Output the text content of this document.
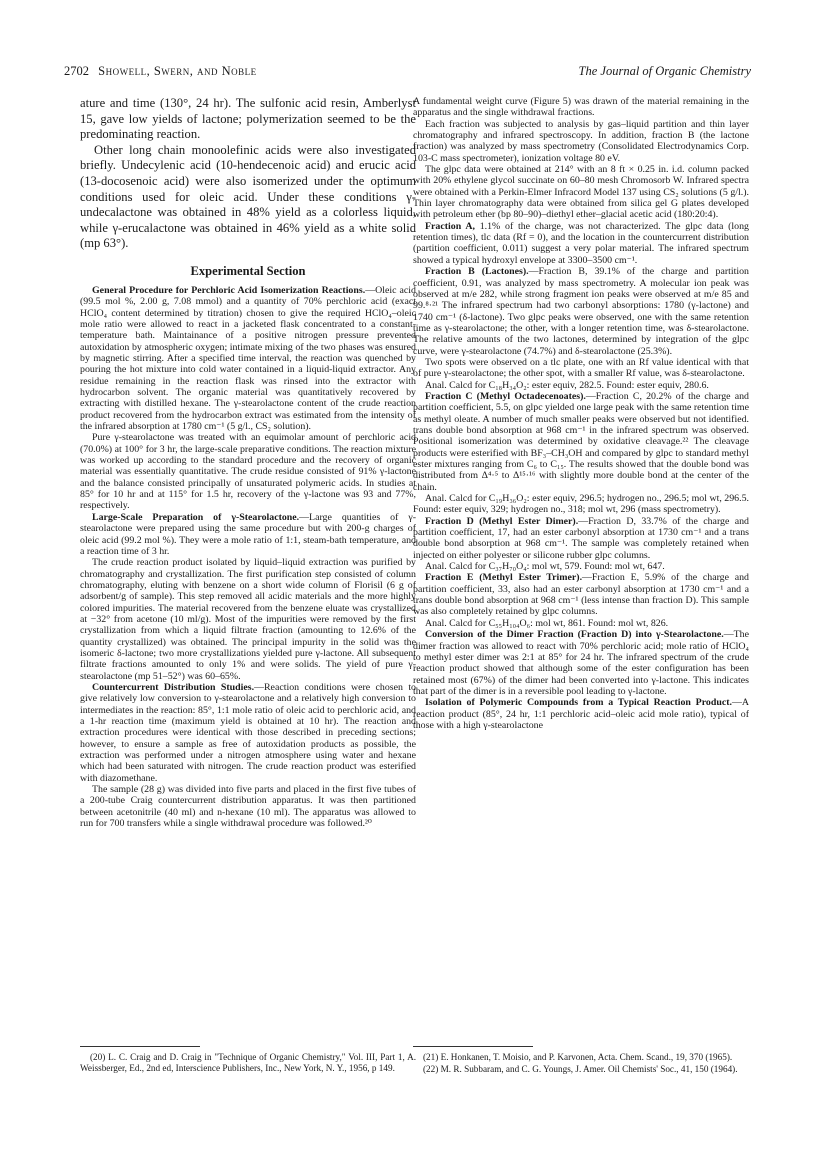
2702 Showell, Swern, and Noble	The Journal of Organic Chemistry

ature and time (130°, 24 hr). The sulfonic acid resin, Amberlyst 15, gave low yields of lactone; polymerization seemed to be the predominating reaction.

Other long chain monoolefinic acids were also investigated briefly. Undecylenic acid (10-hendecenoic acid) and erucic acid (13-docosenoic acid) were also isomerized under the optimum conditions used for oleic acid. Under these conditions γ-undecalactone was obtained in 48% yield as a colorless liquid, while γ-erucalactone was obtained in 46% yield as a white solid (mp 63°).

Experimental Section

General Procedure for Perchloric Acid Isomerization Reactions.—Oleic acid (99.5 mol %, 2.00 g, 7.08 mmol) and a quantity of 70% perchloric acid (exact HClO₄ content determined by titration) chosen to give the required HClO₄–oleic mole ratio were allowed to react in a jacketed flask concentrated to a constant-temperature bath. Maintainance of a positive nitrogen pressure prevented autoxidation by atmospheric oxygen; intimate mixing of the two phases was ensured by magnetic stirring. After a specified time interval, the reaction was quenched by pouring the hot mixture into cold water contained in a liquid-liquid extractor. Any residue remaining in the reaction flask was rinsed into the extractor with hydrocarbon solvent. The organic material was quantitatively recovered by extracting with distilled hexane. The γ-stearolactone content of the crude reaction product recovered from the hydrocarbon extract was estimated from the intensity of the infrared absorption at 1780 cm⁻¹ (5 g/l., CS₂ solution).

Pure γ-stearolactone was treated with an equimolar amount of perchloric acid (70.0%) at 100° for 3 hr, the large-scale preparative conditions. The reaction mixture was worked up according to the standard procedure and the recovery of organic material was essentially quantitative. The crude residue consisted of 91% γ-lactone and the balance consisted principally of unsaturated polymeric acids. In studies at 85° for 10 hr and at 115° for 1.5 hr, recovery of the γ-lactone was 93 and 77%, respectively.

Large-Scale Preparation of γ-Stearolactone.—Large quantities of γ-stearolactone were prepared using the same procedure but with 200-g charges of oleic acid (99.2 mol %). They were a mole ratio of 1:1, steam-bath temperature, and a reaction time of 3 hr.

The crude reaction product isolated by liquid–liquid extraction was purified by chromatography and crystallization. The first purification step consisted of column chromatography, eluting with benzene on a short wide column of Florisil (6 g of adsorbent/g of sample). This step removed all acidic materials and the more highly colored impurities. The material recovered from the benzene eluate was crystallized at −32° from acetone (10 ml/g). Most of the impurities were removed by the first crystallization from which a liquid filtrate fraction (amounting to 12.6% of the quantity crystallized) was obtained. The principal impurity in the solid was the isomeric δ-lactone; two more crystallizations yielded pure γ-lactone. All subsequent filtrate fractions amounted to only 1% and were solids. The yield of pure γ-stearolactone (mp 51–52°) was 60–65%.

Countercurrent Distribution Studies.—Reaction conditions were chosen to give relatively low conversion to γ-stearolactone and a relatively high conversion to intermediates in the reaction: 85°, 1:1 mole ratio of oleic acid to perchloric acid, and a 1-hr reaction time (maximum yield is obtained at 10 hr). The reaction and extraction procedures were identical with those described in preceding sections; however, to ensure a sample as free of autoxidation products as possible, the extraction was performed under a nitrogen atmosphere using water and hexane which had been saturated with nitrogen. The crude reaction product was esterified with diazomethane.

The sample (28 g) was divided into five parts and placed in the first five tubes of a 200-tube Craig countercurrent distribution apparatus. It was then partitioned between acetonitrile (40 ml) and n-hexane (10 ml). The apparatus was allowed to run for 700 transfers while a single withdrawal procedure was followed.²⁰

A fundamental weight curve (Figure 5) was drawn of the material remaining in the apparatus and the single withdrawal fractions.

Each fraction was subjected to analysis by gas–liquid partition and thin layer chromatography and infrared spectroscopy. In addition, fraction B (the lactone fraction) was analyzed by mass spectrometry (Consolidated Electrodynamics Corp. 103-C mass spectrometer), ionization voltage 80 eV.

The glpc data were obtained at 214° with an 8 ft × 0.25 in. i.d. column packed with 20% ethylene glycol succinate on 60–80 mesh Chromosorb W. Infrared spectra were obtained with a Perkin-Elmer Infracord Model 137 using CS₂ solutions (5 g/l.). Thin layer chromatography data were obtained from silica gel G plates developed with petroleum ether (bp 80–90)–diethyl ether–glacial acetic acid (180:20:4).

Fraction A, 1.1% of the charge, was not characterized. The glpc data (long retention times), tlc data (Rf = 0), and the location in the countercurrent distribution (partition coefficient, 0.011) suggest a very polar material. The infrared spectrum showed a typical hydroxyl envelope at 3300–3500 cm⁻¹.

Fraction B (Lactones).—Fraction B, 39.1% of the charge and partition coefficient, 0.91, was analyzed by mass spectrometry. A molecular ion peak was observed at m/e 282, while strong fragment ion peaks were observed at m/e 85 and 99.⁸·²¹ The infrared spectrum had two carbonyl absorptions: 1780 (γ-lactone) and 1740 cm⁻¹ (δ-lactone). Two glpc peaks were observed, one with the same retention time as γ-stearolactone; the other, with a longer retention time, was δ-stearolactone. The relative amounts of the two lactones, determined by integration of the glpc curve, were γ-stearolactone (74.7%) and δ-stearolactone (25.3%).

Two spots were observed on a tlc plate, one with an Rf value identical with that of pure γ-stearolactone; the other spot, with a smaller Rf value, was δ-stearolactone.

Anal. Calcd for C₁₈H₃₄O₂: ester equiv, 282.5. Found: ester equiv, 280.6.

Fraction C (Methyl Octadecenoates).—Fraction C, 20.2% of the charge and partition coefficient, 5.5, on glpc yielded one large peak with the same retention time as methyl oleate. A number of much smaller peaks were observed but not identified. trans double bond absorption at 968 cm⁻¹ in the infrared spectrum was observed. Positional isomerization was determined by oxidative cleavage.²² The cleavage products were esterified with BF₃–CH₃OH and compared by glpc to standard methyl ester mixtures ranging from C₆ to C₁₅. The results showed that the double bond was distributed from Δ⁴·⁵ to Δ¹⁵·¹⁶ with slightly more double bond at the center of the chain.

Anal. Calcd for C₁₉H₃₆O₂: ester equiv, 296.5; hydrogen no., 296.5; mol wt, 296.5. Found: ester equiv, 329; hydrogen no., 318; mol wt, 296 (mass spectrometry).

Fraction D (Methyl Ester Dimer).—Fraction D, 33.7% of the charge and partition coefficient, 17, had an ester carbonyl absorption at 1730 cm⁻¹ and a trans double bond absorption at 968 cm⁻¹. The sample was completely retained when injected on either polyester or silicone rubber glpc columns.

Anal. Calcd for C₃₇H₇₀O₄: mol wt, 579. Found: mol wt, 647.

Fraction E (Methyl Ester Trimer).—Fraction E, 5.9% of the charge and partition coefficient, 33, also had an ester carbonyl absorption at 1730 cm⁻¹ and a trans double bond absorption at 968 cm⁻¹ (less intense than fraction D). This sample was also completely retained by glpc columns.

Anal. Calcd for C₅₅H₁₀₄O₆: mol wt, 861. Found: mol wt, 826.

Conversion of the Dimer Fraction (Fraction D) into γ-Stearolactone.—The dimer fraction was allowed to react with 70% perchloric acid; mole ratio of HClO₄ to methyl ester dimer was 2:1 at 85° for 24 hr. The infrared spectrum of the crude reaction product showed that although some of the ester configuration has been retained most (67%) of the dimer had been converted into γ-lactone. This indicates that part of the dimer is in a reversible pool leading to γ-lactone.

Isolation of Polymeric Compounds from a Typical Reaction Product.—A reaction product (85°, 24 hr, 1:1 perchloric acid–oleic acid mole ratio), typical of those with a high γ-stearolactone

(20) L. C. Craig and D. Craig in "Technique of Organic Chemistry," Vol. III, Part 1, A. Weissberger, Ed., 2nd ed, Interscience Publishers, Inc., New York, N. Y., 1956, p 149.

(21) E. Honkanen, T. Moisio, and P. Karvonen, Acta. Chem. Scand., 19, 370 (1965).

(22) M. R. Subbaram, and C. G. Youngs, J. Amer. Oil Chemists' Soc., 41, 150 (1964).
